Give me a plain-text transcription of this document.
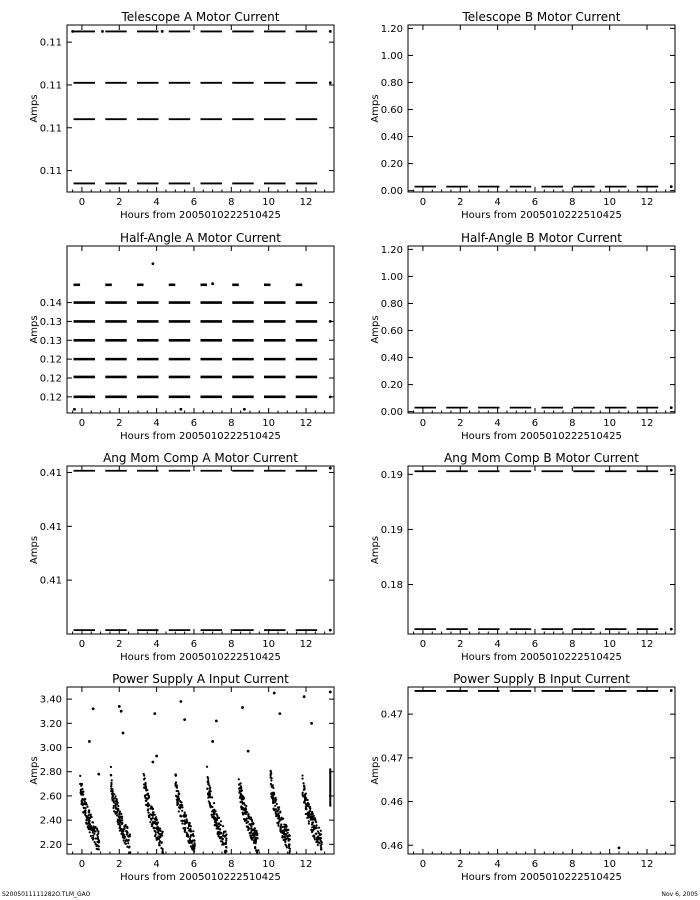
Telescope A Motor Current
Hours from 2005010222510425
Amps
0	2	4	6	8	10 12
0.11
0.11
0.11
0.11
Telescope B Motor Current
Hours from 2005010222510425
Amps
0	2	4	6	8	10 12
0.00
0.20
0.40
0.60
0.80
1.00
1.20
Half-Angle A Motor Current
Hours from 2005010222510425
Amps
0	2	4	6	8	10 12
0.12
0.12
0.12
0.13
0.13
0.14
Half-Angle B Motor Current
Hours from 2005010222510425
Amps
0	2	4	6	8	10 12
0.00
0.20
0.40
0.60
0.80
1.00
1.20
Ang Mom Comp A Motor Current
Hours from 2005010222510425
Amps
0	2	4	6	8	10 12
0.41
0.41
0.41
Ang Mom Comp B Motor Current
Hours from 2005010222510425
Amps
0	2	4	6	8	10 12
0.18
0.19
0.19
Power Supply A Input Current
Hours from 2005010222510425
Amps
0	2	4	6	8	10 12
2.20
2.40
2.60
2.80
3.00
3.20
3.40
Power Supply B Input Current
Hours from 2005010222510425
Amps
0	2	4	6	8	10 12
0.46
0.46
0.47
0.47
S2005011111282O.TLM_GAO	Nov 6, 2005
